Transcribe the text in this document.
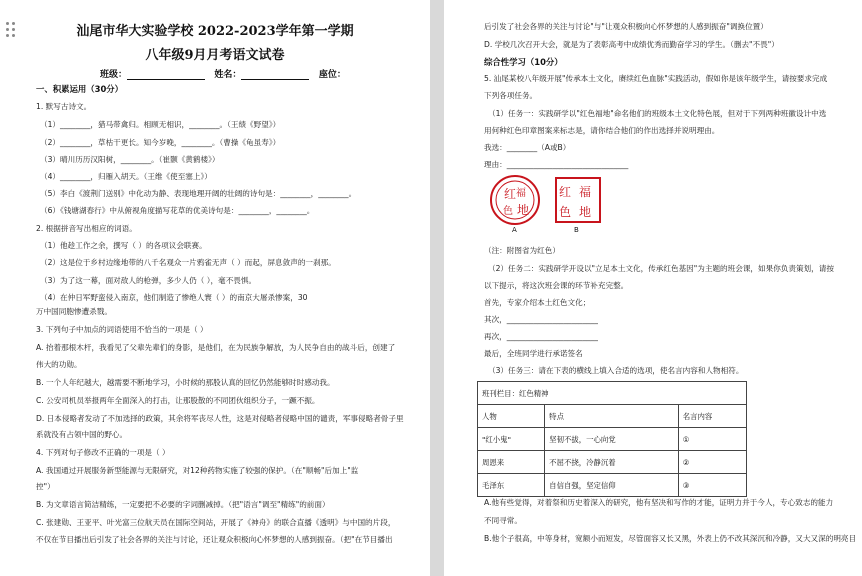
汕尾市华大实验学校 2022-2023学年第一学期
八年级9月月考语文试卷
班级：	姓名：	座位：
一、积累运用（30分）
1. 默写古诗文。
（1）________，猎马带禽归。相顾无相识，________。（王绩《野望》）
（2）________，草枯干更长。知今岁晚，________。（曹操《龟虽寿》）
（3）晴川历历汉阳树，________。（崔颢《黄鹤楼》）
（4）________，归雁入胡天。（王维《使至塞上》）
（5）李白《渡荆门送别》中化动为静、表现地理开阔的壮阔的诗句是：________，________。
（6）《钱塘湖春行》中从俯视角度描写花草的优美诗句是：________，________。
2. 根据拼音写出相应的词语。
（1）他趁工作之余，撰写（ ）的各项议会联赛。
（2）这是位于乡村边缘地带的八千名观众一片鸦雀无声（ ）而起，屏息敛声的一刹那。
（3）为了这一幕，面对敌人的枪弹，多少人仍（ ），毫不畏惧。
（4）在仲日军野蛮侵入南京，他们制造了惨绝人寰（ ）的南京大屠杀惨案，30
万中国同胞惨遭杀戮。
3. 下列句子中加点的词语使用不恰当的一项是（ ）
A. 抬着那根木杆，我看见了父辈先辈们的身影，是他们，在为民族争解放，为人民争自由的战斗后，创建了
伟大的功勋。
B. 一个人年纪越大，越需要不断地学习，小时候的那股认真的回忆仍然能够时时感动我。
C. 公安司机员举报两年全面深入的打击，让那股散的不同团伙组织分子，一蹶不振。
D. 日本侵略者发动了不加选择的政策，其余将军丧尽人性，这是对侵略者侵略中国的谴责，军事侵略者骨子里
系就没有占领中国的野心。
4. 下列对句子修改不正确的一项是（ ）
A. 我国通过开展服务新型能源与无限研究，对12种药物实施了较强的保护。（在"顺畅"后加上"监
控"）
B. 为文章语言简洁精练，一定要把不必要的字词删减掉。（把"语言"调至"精练"的前面）
C. 张建勋、王亚平、叶光富三位航天员在国际空间站，开展了《神舟》的联合直播《透明》与中国的片段，
不仅在节目播出后引发了社会各界的关注与讨论，还让观众积极向心怀梦想的人感到振奋。（把"在节目播出
后引发了社会各界的关注与讨论"与"让观众积极向心怀梦想的人感到振奋"调换位置）
D. 学校几次召开大会，就是为了表彰高考中成绩优秀而勤奋学习的学生。（删去"不畏"）
综合性学习（10分）
5. 汕尾某校八年级开展"传承本土文化，赓续红色血脉"实践活动，假如你是该年级学生，请按要求完成
下列各项任务。
（1）任务一：实践研学以"红色福地"命名他们的班级本土文化特色展，但对于下列两种班徽设计中选
用何种红色印章图案来标志是，请你结合他们的作出选择并说明理由。
我选：________（A或B）
理由：________________________________
红 福
色 地
A
红 福
色 地
B
（注：附图省为红色）
（2）任务二：实践研学开设以"立足本土文化，传承红色基因"为主题的班会课，如果你负责策划，请按
以下提示，将这次班会课的环节补充完整。
首先，专家介绍本土红色文化；
其次，________________________
再次，________________________
最后，全班同学进行承诺签名
（3）任务三：请在下表的横线上填入合适的选项，使名言内容和人物相符。
A.他有些觉得，对着祭和历史着深入的研究，他有坚决和写作的才能，证明力并于今人，专心致志的能力
不同寻常。
B.他个子很高，中等身材，宽额小而短发，尽管面容又长又黑，外表上仍不改其深沉和冷静，又大又深的明亮目
班刊栏目：红色精神		
人物	特点	名言内容
"红小鬼"	坚韧不拔，一心向党	①
周恩来	不屈不挠，冷静沉着	②
毛泽东	自信自强，坚定信仰	③
